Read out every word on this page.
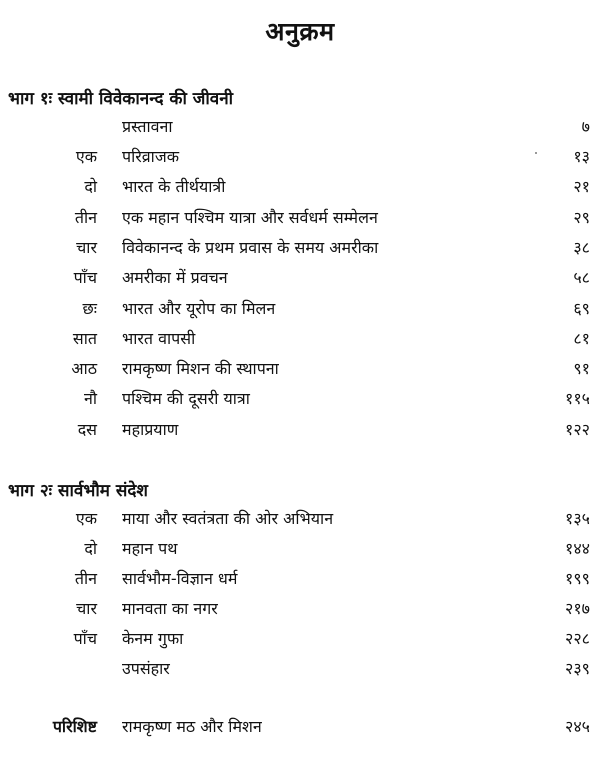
अनुक्रम
भाग १ः स्वामी विवेकानन्द की जीवनी
प्रस्तावना	७
एक परिव्राजक	१३
दो भारत के तीर्थयात्री	२१
तीन एक महान पश्चिम यात्रा और सर्वधर्म सम्मेलन	२९
चार विवेकानन्द के प्रथम प्रवास के समय अमरीका	३८
पाँच अमरीका में प्रवचन	५८
छः भारत और यूरोप का मिलन	६९
सात भारत वापसी	८१
आठ रामकृष्ण मिशन की स्थापना	९१
नौ पश्चिम की दूसरी यात्रा	११५
दस महाप्रयाण	१२२
भाग २ः सार्वभौम संदेश
एक माया और स्वतंत्रता की ओर अभियान	१३५
दो महान पथ	१४४
तीन सार्वभौम-विज्ञान धर्म	१९९
चार मानवता का नगर	२१७
पाँच केनम गुफा	२२८
उपसंहार	२३९
परिशिष्ट रामकृष्ण मठ और मिशन	२४५
